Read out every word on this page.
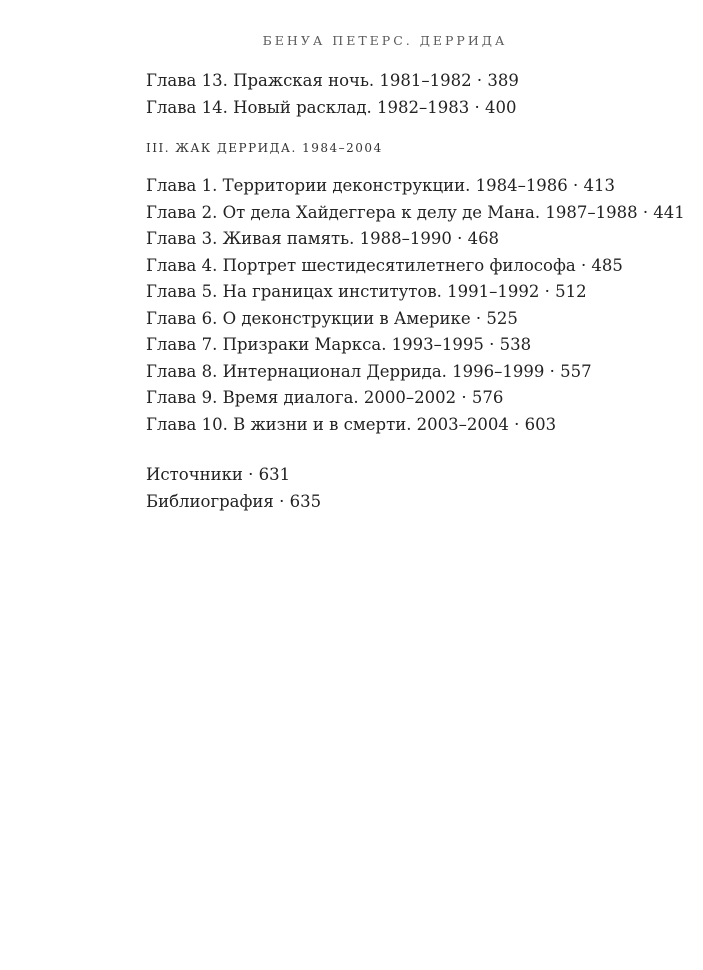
БЕНУА ПЕТЕРС. ДЕРРИДА
Глава 13. Пражская ночь. 1981–1982 · 389
Глава 14. Новый расклад. 1982–1983 · 400
III. ЖАК ДЕРРИДА. 1984–2004
Глава 1. Территории деконструкции. 1984–1986 · 413
Глава 2. От дела Хайдеггера к делу де Мана. 1987–1988 · 441
Глава 3. Живая память. 1988–1990 · 468
Глава 4. Портрет шестидесятилетнего философа · 485
Глава 5. На границах институтов. 1991–1992 · 512
Глава 6. О деконструкции в Америке · 525
Глава 7. Призраки Маркса. 1993–1995 · 538
Глава 8. Интернационал Деррида. 1996–1999 · 557
Глава 9. Время диалога. 2000–2002 · 576
Глава 10. В жизни и в смерти. 2003–2004 · 603
Источники · 631
Библиография · 635
